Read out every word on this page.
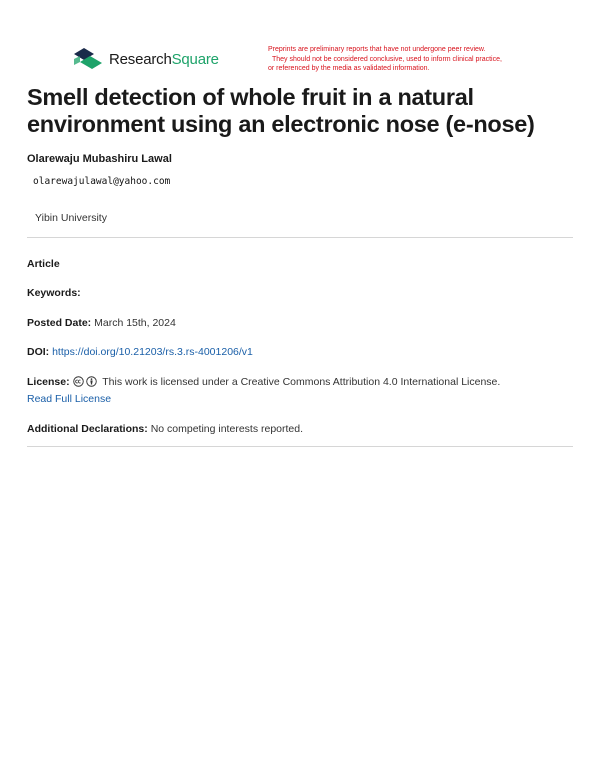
ResearchSquare
Preprints are preliminary reports that have not undergone peer review.
They should not be considered conclusive, used to inform clinical practice,
or referenced by the media as validated information.
Smell detection of whole fruit in a natural environment using an electronic nose (e-nose)
Olarewaju Mubashiru Lawal
olarewajulawal@yahoo.com
Yibin University
Article
Keywords:
Posted Date: March 15th, 2024
DOI: https://doi.org/10.21203/rs.3.rs-4001206/v1
License:	This work is licensed under a Creative Commons Attribution 4.0 International License.
Read Full License
Additional Declarations: No competing interests reported.
